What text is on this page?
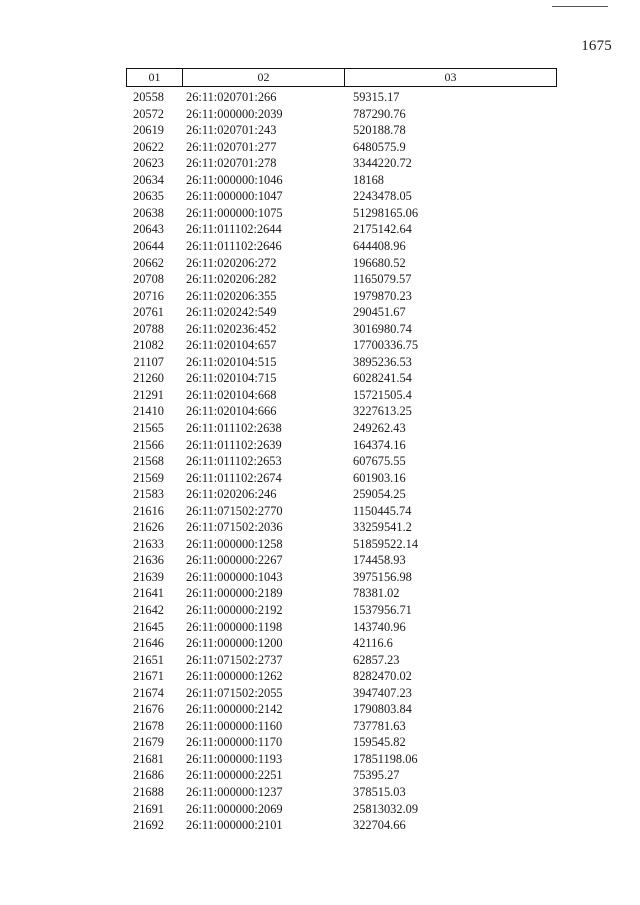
1675
01	02	03
20558	26:11:020701:266	59315.17
20572	26:11:000000:2039	787290.76
20619	26:11:020701:243	520188.78
20622	26:11:020701:277	6480575.9
20623	26:11:020701:278	3344220.72
20634	26:11:000000:1046	18168
20635	26:11:000000:1047	2243478.05
20638	26:11:000000:1075	51298165.06
20643	26:11:011102:2644	2175142.64
20644	26:11:011102:2646	644408.96
20662	26:11:020206:272	196680.52
20708	26:11:020206:282	1165079.57
20716	26:11:020206:355	1979870.23
20761	26:11:020242:549	290451.67
20788	26:11:020236:452	3016980.74
21082	26:11:020104:657	17700336.75
21107	26:11:020104:515	3895236.53
21260	26:11:020104:715	6028241.54
21291	26:11:020104:668	15721505.4
21410	26:11:020104:666	3227613.25
21565	26:11:011102:2638	249262.43
21566	26:11:011102:2639	164374.16
21568	26:11:011102:2653	607675.55
21569	26:11:011102:2674	601903.16
21583	26:11:020206:246	259054.25
21616	26:11:071502:2770	1150445.74
21626	26:11:071502:2036	33259541.2
21633	26:11:000000:1258	51859522.14
21636	26:11:000000:2267	174458.93
21639	26:11:000000:1043	3975156.98
21641	26:11:000000:2189	78381.02
21642	26:11:000000:2192	1537956.71
21645	26:11:000000:1198	143740.96
21646	26:11:000000:1200	42116.6
21651	26:11:071502:2737	62857.23
21671	26:11:000000:1262	8282470.02
21674	26:11:071502:2055	3947407.23
21676	26:11:000000:2142	1790803.84
21678	26:11:000000:1160	737781.63
21679	26:11:000000:1170	159545.82
21681	26:11:000000:1193	17851198.06
21686	26:11:000000:2251	75395.27
21688	26:11:000000:1237	378515.03
21691	26:11:000000:2069	25813032.09
21692	26:11:000000:2101	322704.66
